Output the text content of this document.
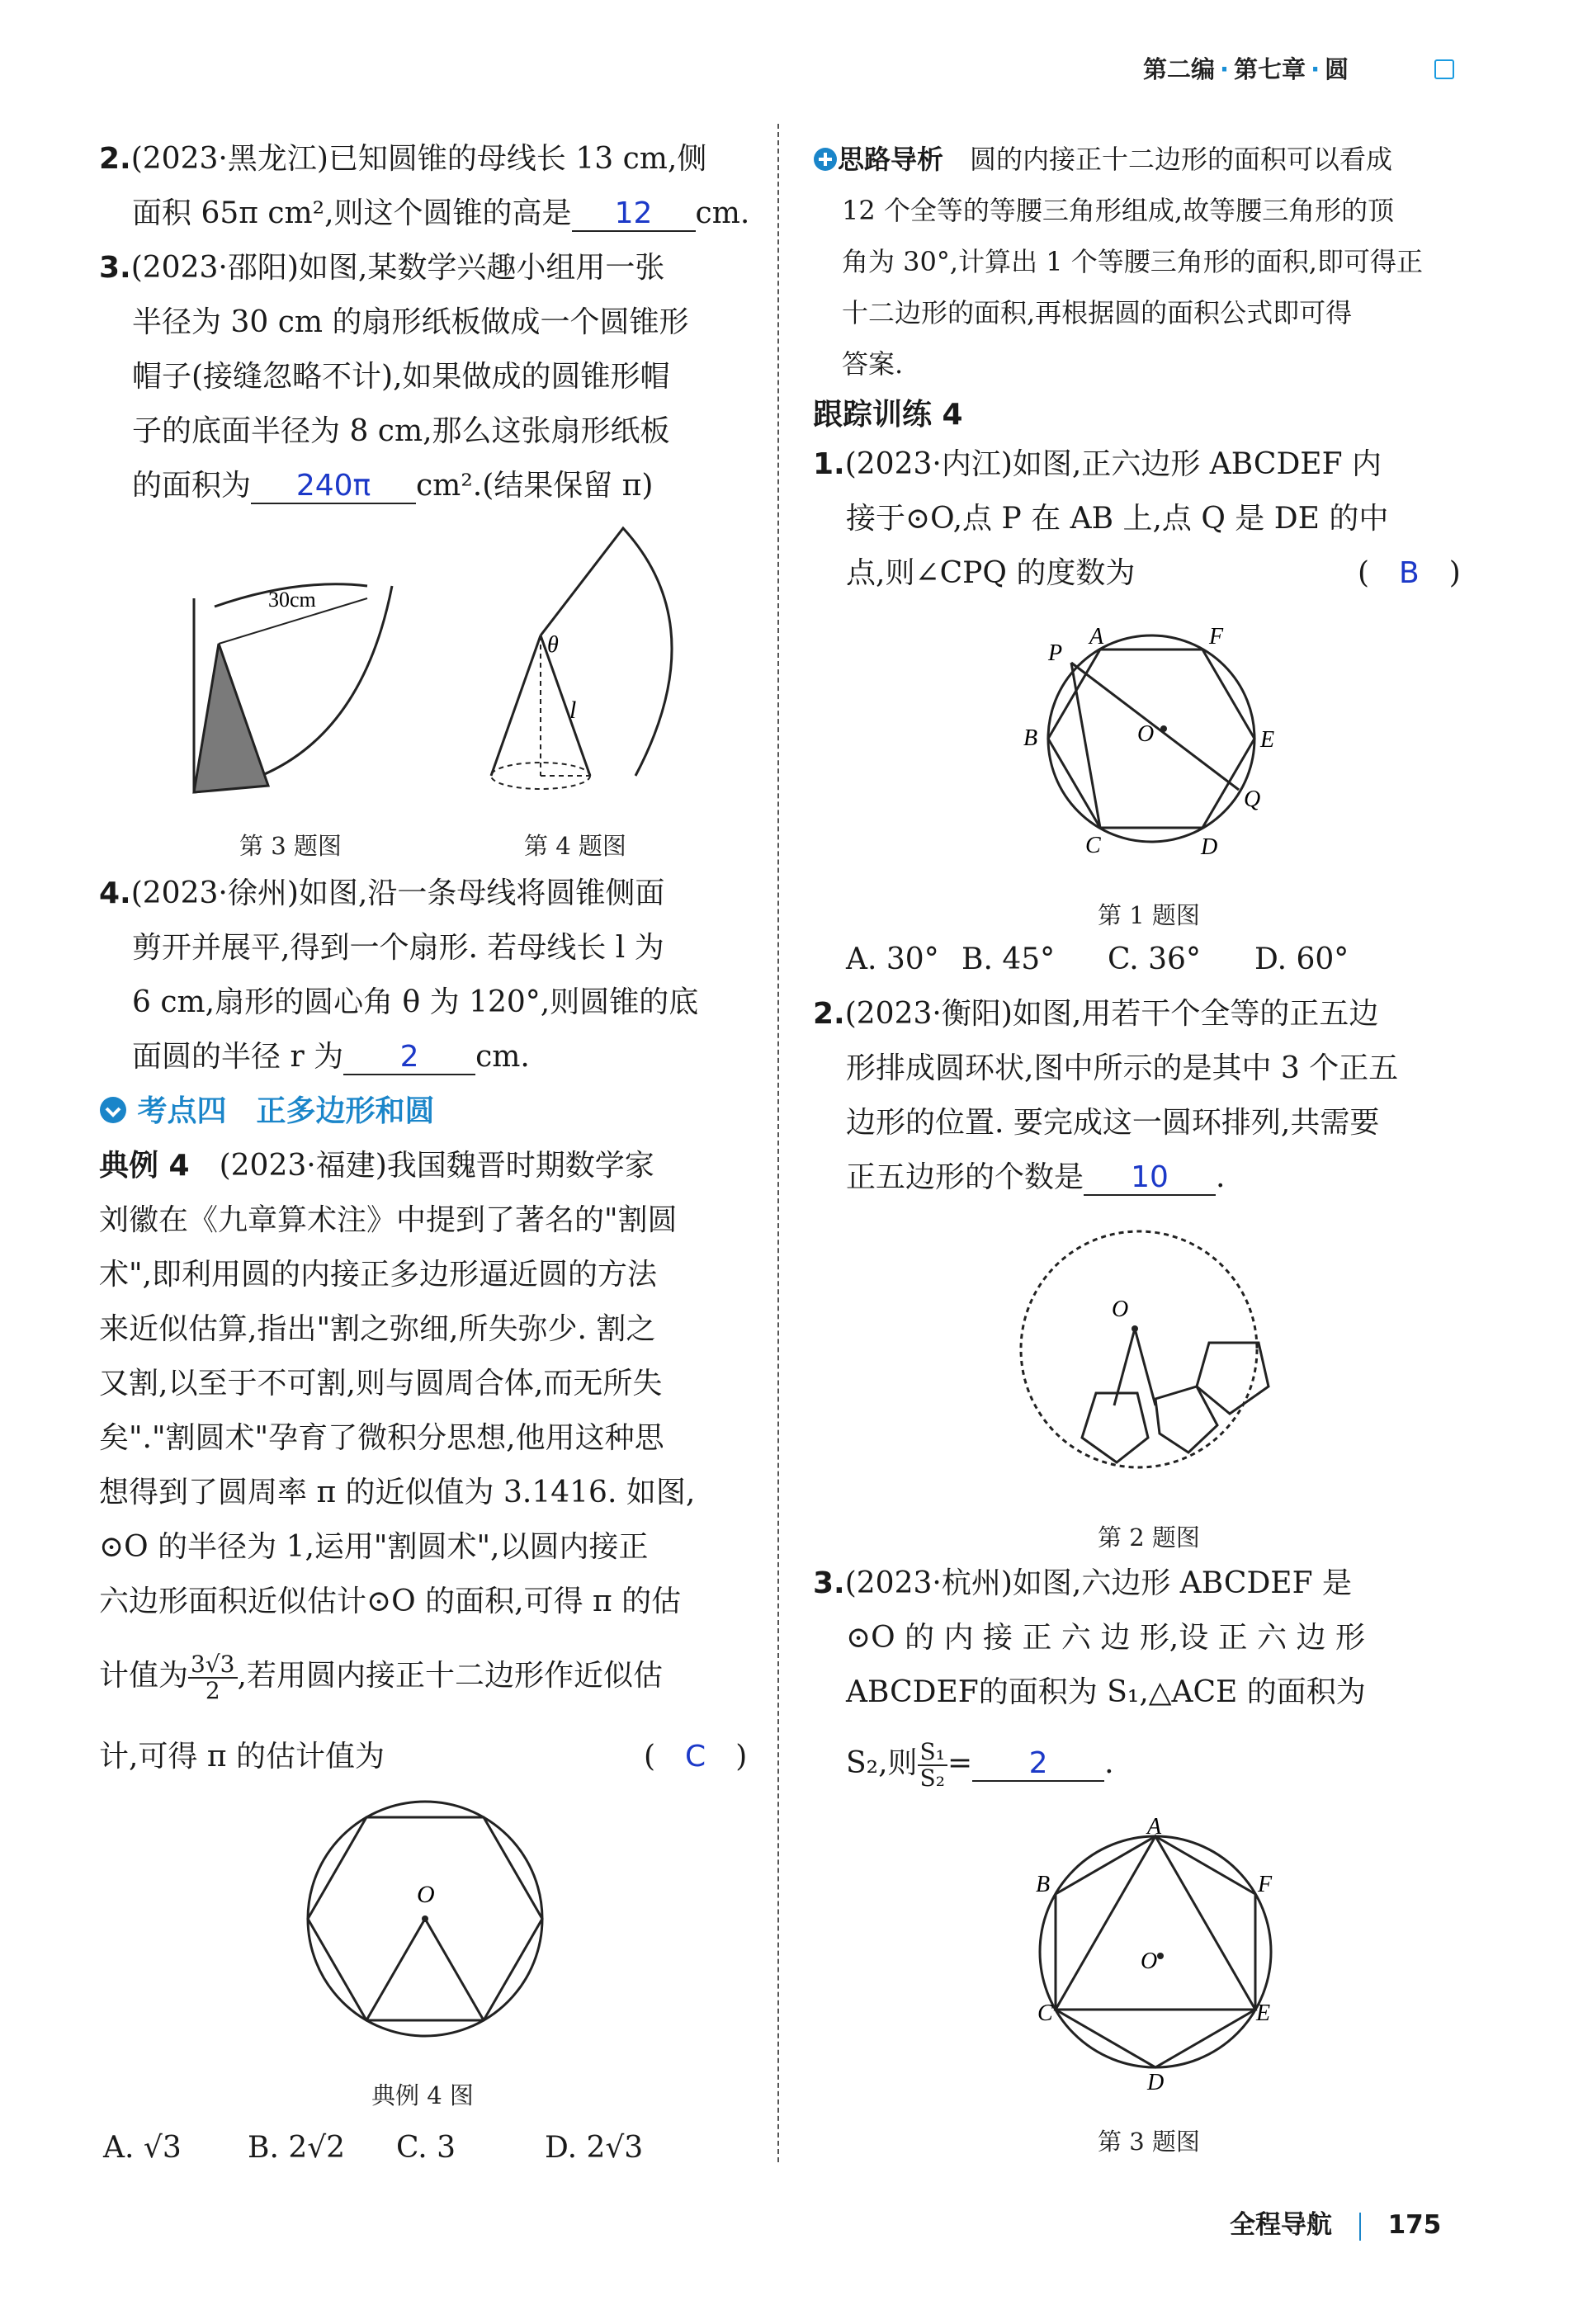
第二编 · 第七章 · 圆
2.(2023·黑龙江)已知圆锥的母线长 13 cm,侧
面积 65π cm²,则这个圆锥的高是 12 cm.
3.(2023·邵阳)如图,某数学兴趣小组用一张
半径为 30 cm 的扇形纸板做成一个圆锥形
帽子(接缝忽略不计),如果做成的圆锥形帽
子的底面半径为 8 cm,那么这张扇形纸板
的面积为 240π cm².(结果保留 π)
30cm
第 3 题图
θ
l
第 4 题图
4.(2023·徐州)如图,沿一条母线将圆锥侧面
剪开并展平,得到一个扇形. 若母线长 l 为
6 cm,扇形的圆心角 θ 为 120°,则圆锥的底
面圆的半径 r 为 2 cm.
考点四　正多边形和圆
典例 4　 (2023·福建)我国魏晋时期数学家
刘徽在《九章算术注》中提到了著名的"割圆
术",即利用圆的内接正多边形逼近圆的方法
来近似估算,指出"割之弥细,所失弥少. 割之
又割,以至于不可割,则与圆周合体,而无所失
矣"."割圆术"孕育了微积分思想,他用这种思
想得到了圆周率 π 的近似值为 3.1416. 如图,
⊙O 的半径为 1,运用"割圆术",以圆内接正
六边形面积近似估计⊙O 的面积,可得 π 的估
计值为 $\frac{3√3}{2}$ ,若用圆内接正十二边形作近似估
计,可得 π 的估计值为	(　C　)
O
典例 4 图
A. √3 B. 2√2 C. 3	D. 2√3
思路导析　 圆的内接正十二边形的面积可以看成
12 个全等的等腰三角形组成,故等腰三角形的顶
角为 30°,计算出 1 个等腰三角形的面积,即可得正
十二边形的面积,再根据圆的面积公式即可得
答案.
跟踪训练 4
1.(2023·内江)如图,正六边形 ABCDEF 内
接于⊙O,点 P 在 AB 上,点 Q 是 DE 的中
点,则∠CPQ 的度数为	(　B　)
A	F
P
B	E
O
Q
C	D
第 1 题图
A. 30° B. 45° C. 36° D. 60°
2.(2023·衡阳)如图,用若干个全等的正五边
形排成圆环状,图中所示的是其中 3 个正五
边形的位置. 要完成这一圆环排列,共需要
正五边形的个数是 10 .
O
第 2 题图
3.(2023·杭州)如图,六边形 ABCDEF 是
⊙O 的 内 接 正 六 边 形,设 正 六 边 形
ABCDEF的面积为 S₁,△ACE 的面积为
S₂,则 $\frac{\text{S₁}}{\text{S₂}} = 2$ .
A
B	F
O
C	E
D
第 3 题图
全程导航 175
